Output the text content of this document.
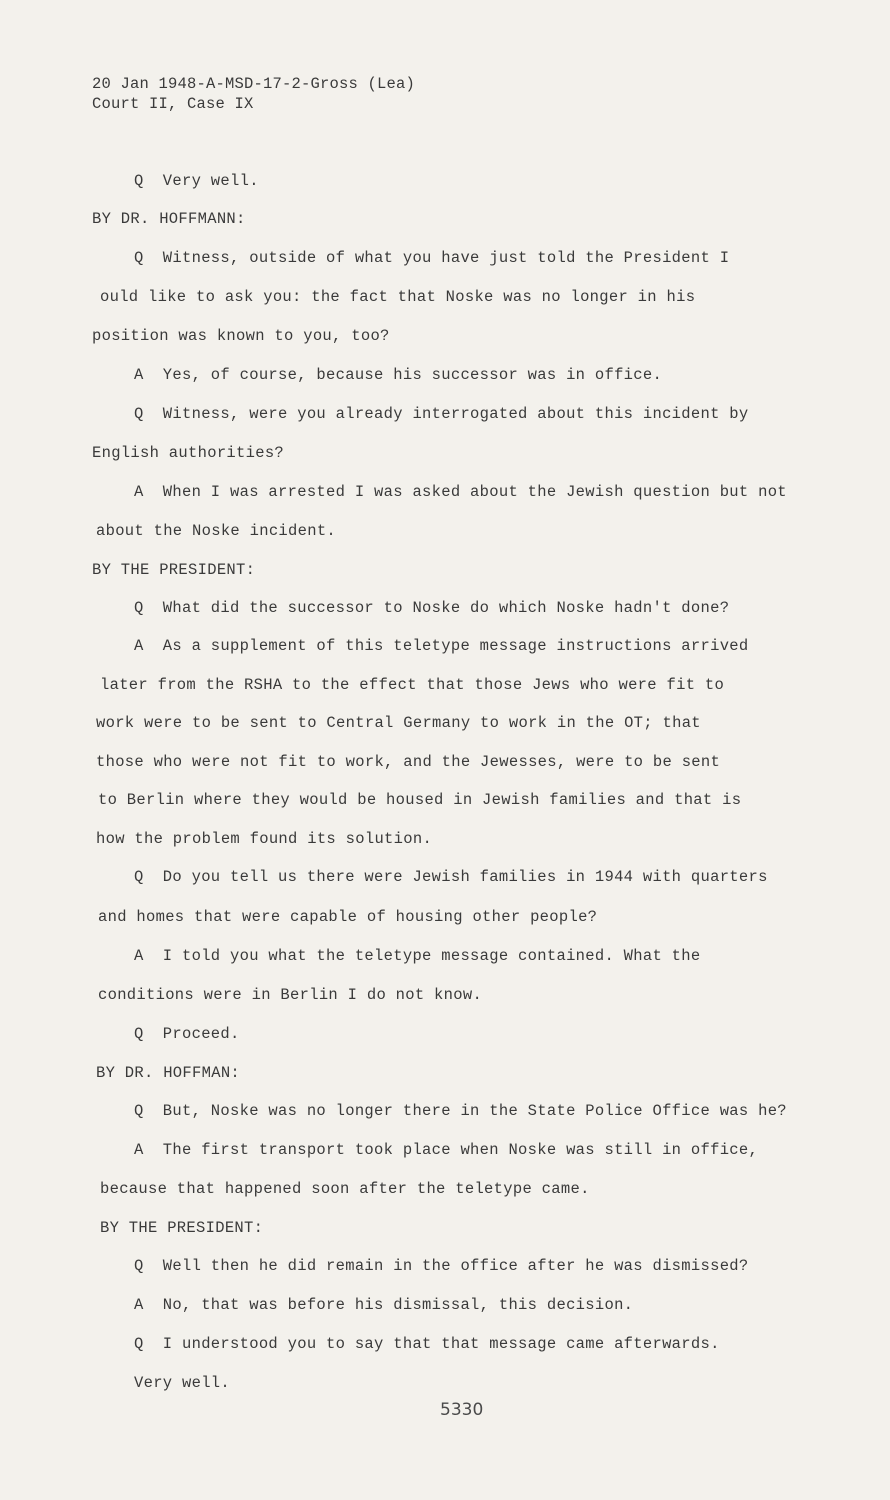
20 Jan 1948-A-MSD-17-2-Gross (Lea)
Court II, Case IX
Q  Very well.
BY DR. HOFFMANN:
Q  Witness, outside of what you have just told the President I
ould like to ask you: the fact that Noske was no longer in his
position was known to you, too?
A  Yes, of course, because his successor was in office.
Q  Witness, were you already interrogated about this incident by
English authorities?
A  When I was arrested I was asked about the Jewish question but not
about the Noske incident.
BY THE PRESIDENT:
Q  What did the successor to Noske do which Noske hadn't done?
A  As a supplement of this teletype message instructions arrived
later from the RSHA to the effect that those Jews who were fit to
work were to be sent to Central Germany to work in the OT; that
those who were not fit to work, and the Jewesses, were to be sent
to Berlin where they would be housed in Jewish families and that is
how the problem found its solution.
Q  Do you tell us there were Jewish families in 1944 with quarters
and homes that were capable of housing other people?
A  I told you what the teletype message contained. What the
conditions were in Berlin I do not know.
Q  Proceed.
BY DR. HOFFMAN:
Q  But, Noske was no longer there in the State Police Office was he?
A  The first transport took place when Noske was still in office,
because that happened soon after the teletype came.
BY THE PRESIDENT:
Q  Well then he did remain in the office after he was dismissed?
A  No, that was before his dismissal, this decision.
Q  I understood you to say that that message came afterwards.
Very well.
5330
